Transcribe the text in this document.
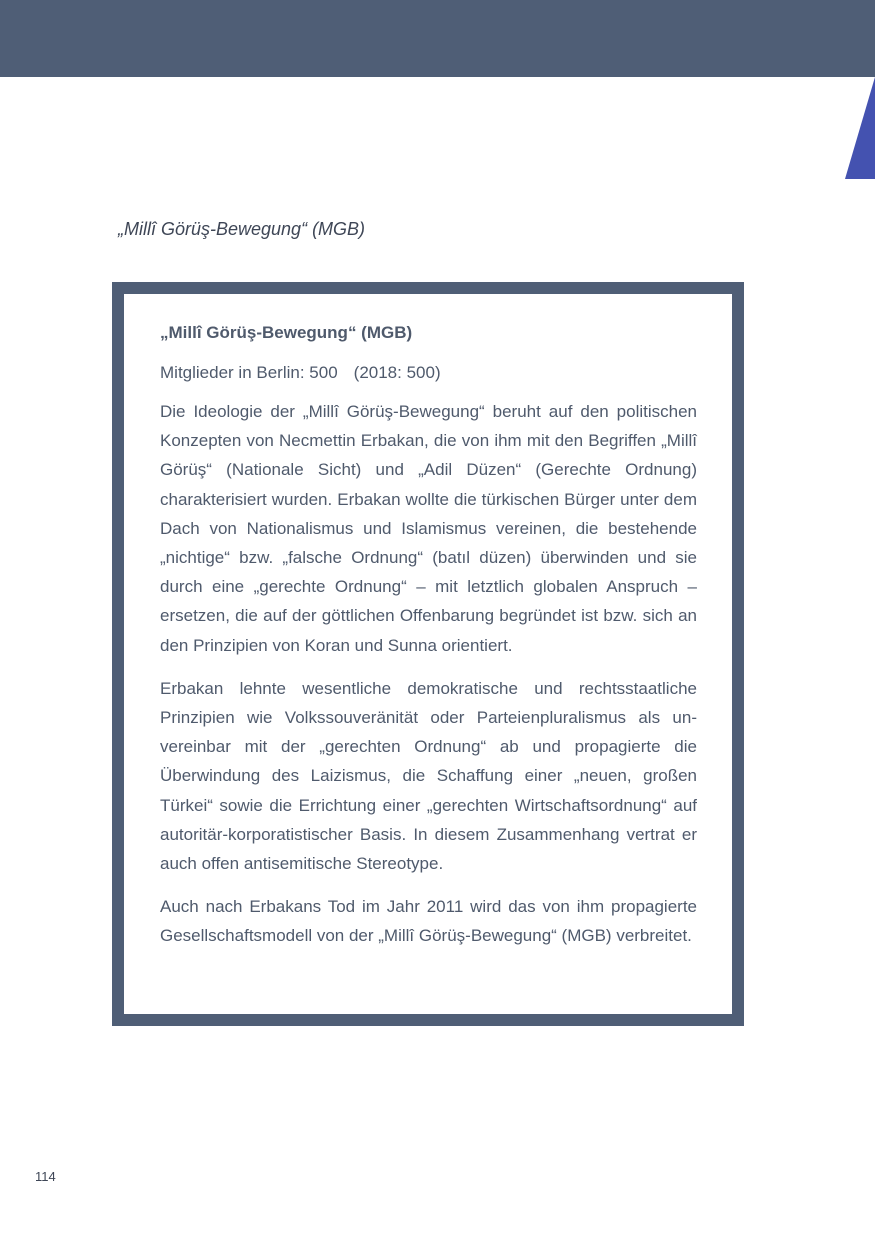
„Millî Görüş-Bewegung“ (MGB)
„Millî Görüş-Bewegung“ (MGB)

Mitglieder in Berlin: 500 (2018: 500)

Die Ideologie der „Millî Görüş-Bewegung“ beruht auf den politischen Konzepten von Necmettin Erbakan, die von ihm mit den Begriffen „Millî Görüş“ (Nationale Sicht) und „Adil Düzen“ (Gerechte Ordnung) charakterisiert wurden. Erbakan wollte die türkischen Bürger unter dem Dach von Nationalismus und Islamismus vereinen, die bestehende „nichtige“ bzw. „falsche Ordnung“ (batıl düzen) überwinden und sie durch eine „gerechte Ordnung“ – mit letztlich globalen Anspruch – ersetzen, die auf der göttlichen Offenbarung begründet ist bzw. sich an den Prinzipien von Koran und Sunna orientiert.

Erbakan lehnte wesentliche demokratische und rechtsstaatliche Prinzipien wie Volkssouveränität oder Parteienpluralismus als unvereinbar mit der „gerechten Ordnung“ ab und propagierte die Überwindung des Laizismus, die Schaffung einer „neuen, großen Türkei“ sowie die Errichtung einer „gerechten Wirtschaftsordnung“ auf autoritär-korporatistischer Basis. In diesem Zusammenhang vertrat er auch offen antisemitische Stereotype.

Auch nach Erbakans Tod im Jahr 2011 wird das von ihm propagierte Gesellschaftsmodell von der „Millî Görüş-Bewegung“ (MGB) verbreitet.

114
